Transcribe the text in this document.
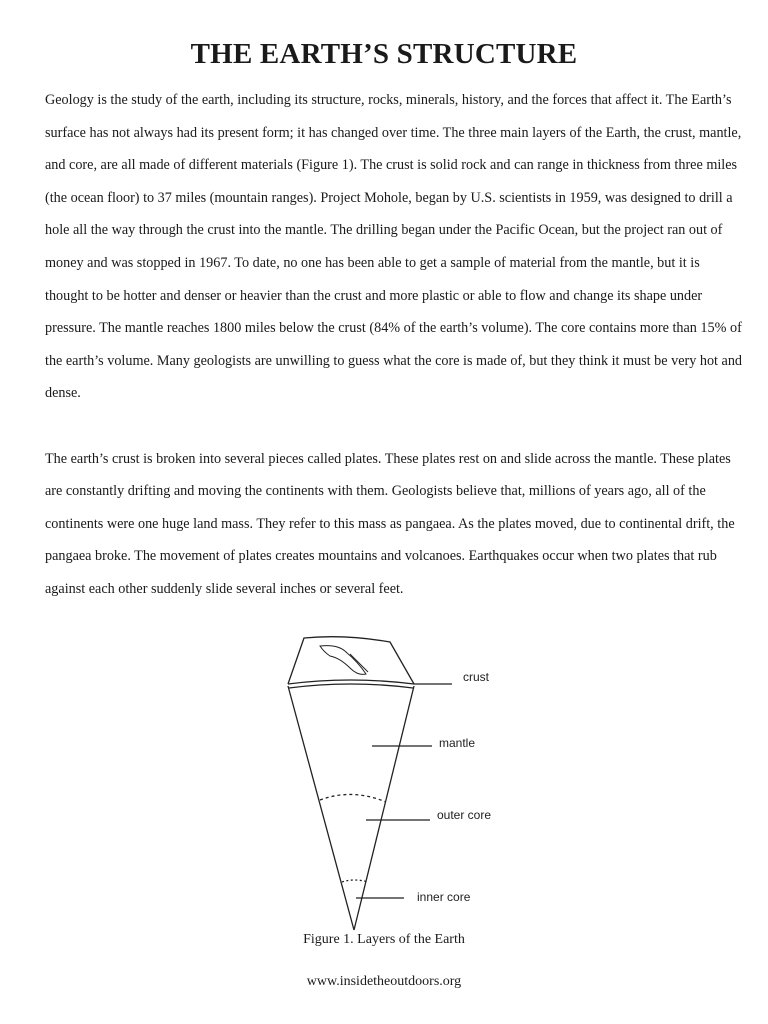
THE EARTH’S STRUCTURE

Geology is the study of the earth, including its structure, rocks, minerals, history, and the forces that affect it. The Earth’s surface has not always had its present form; it has changed over time. The three main layers of the Earth, the crust, mantle, and core, are all made of different materials (Figure 1). The crust is solid rock and can range in thickness from three miles (the ocean floor) to 37 miles (mountain ranges). Project Mohole, began by U.S. scientists in 1959, was designed to drill a hole all the way through the crust into the mantle. The drilling began under the Pacific Ocean, but the project ran out of money and was stopped in 1967. To date, no one has been able to get a sample of material from the mantle, but it is thought to be hotter and denser or heavier than the crust and more plastic or able to flow and change its shape under pressure. The mantle reaches 1800 miles below the crust (84% of the earth’s volume). The core contains more than 15% of the earth’s volume. Many geologists are unwilling to guess what the core is made of, but they think it must be very hot and dense.

The earth’s crust is broken into several pieces called plates. These plates rest on and slide across the mantle. These plates are constantly drifting and moving the continents with them. Geologists believe that, millions of years ago, all of the continents were one huge land mass. They refer to this mass as pangaea. As the plates moved, due to continental drift, the pangaea broke. The movement of plates creates mountains and volcanoes. Earthquakes occur when two plates that rub against each other suddenly slide several inches or several feet.

crust
mantle
outer core
inner core

Figure 1. Layers of the Earth

www.insidetheoutdoors.org
